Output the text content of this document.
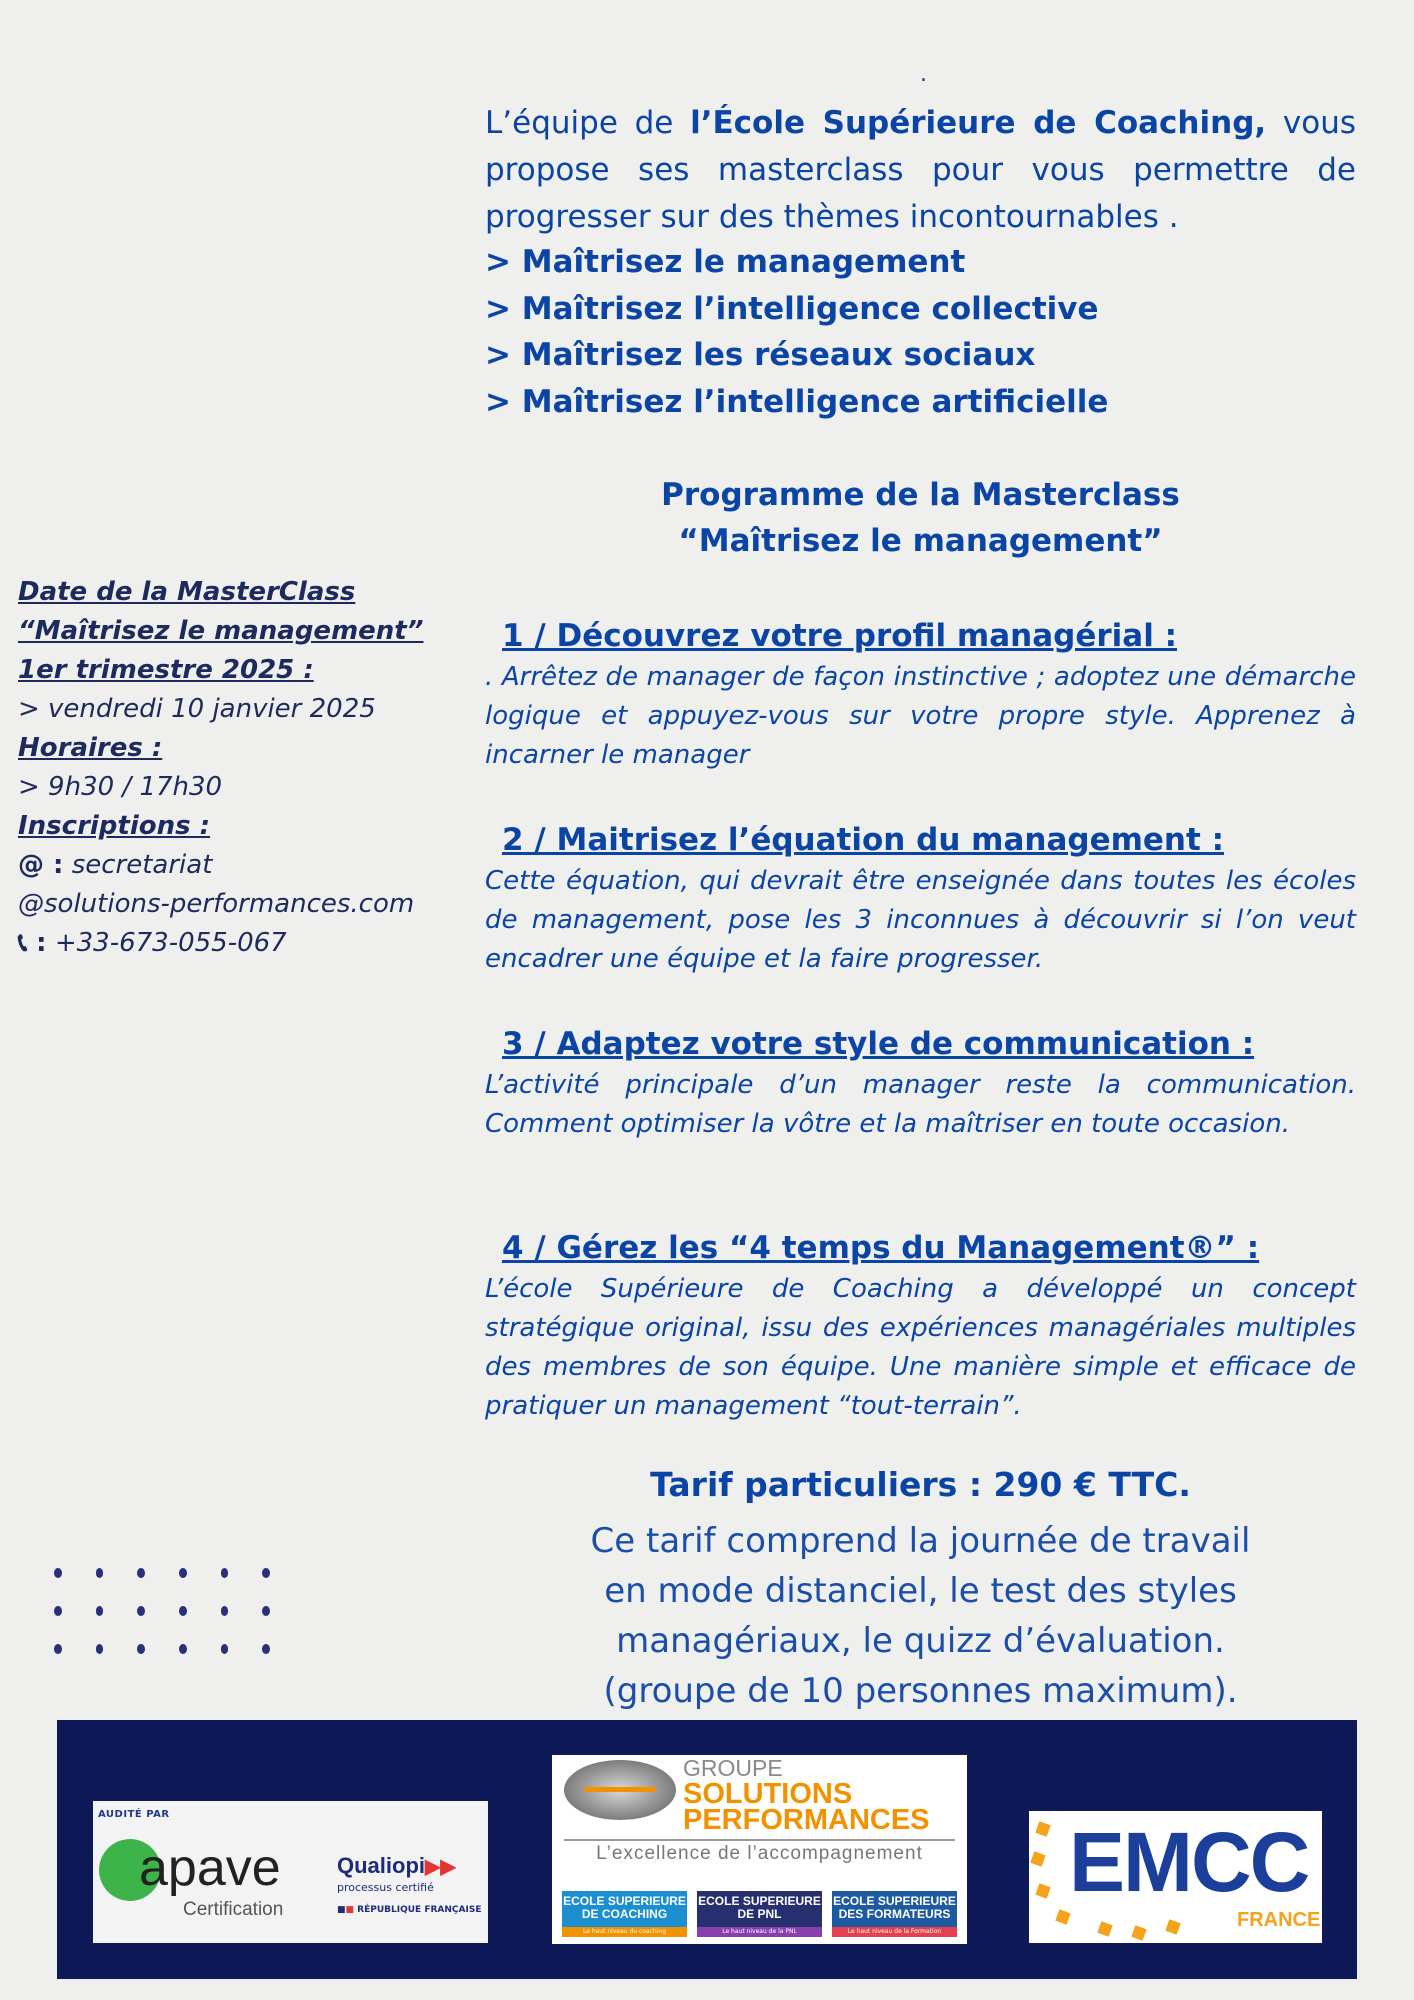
.
L’équipe de l’École Supérieure de Coaching, vous propose ses masterclass pour vous permettre de progresser sur des thèmes incontournables .
> Maîtrisez le management
> Maîtrisez l’intelligence collective
> Maîtrisez les réseaux sociaux
> Maîtrisez l’intelligence artificielle
Programme de la Masterclass
“Maîtrisez le management”
Date de la MasterClass
“Maîtrisez le management”
1er trimestre 2025 :
> vendredi 10 janvier 2025
Horaires :
> 9h30 / 17h30
Inscriptions :
@ : secretariat
@solutions-performances.com
📞︎ : +33-673-055-067
1 / Découvrez votre profil managérial :

. Arrêtez de manager de façon instinctive ; adoptez une démarche logique et appuyez-vous sur votre propre style. Apprenez à incarner le manager

2 / Maitrisez l’équation du management :

Cette équation, qui devrait être enseignée dans toutes les écoles de management, pose les 3 inconnues à découvrir si l’on veut encadrer une équipe et la faire progresser.

3 / Adaptez votre style de communication :

L’activité principale d’un manager reste la communication. Comment optimiser la vôtre et la maîtriser en toute occasion.

4 / Gérez les “4 temps du Management®” :

L’école Supérieure de Coaching a développé un concept stratégique original, issu des expériences managériales multiples des membres de son équipe. Une manière simple et efficace de pratiquer un management “tout-terrain”.

Tarif particuliers : 290 € TTC.
Ce tarif comprend la journée de travail
en mode distanciel, le test des styles
managériaux, le quizz d’évaluation.
(groupe de 10 personnes maximum).
AUDITÉ PAR
apave
Certification
Qualiopi▶▶
processus certifié
■■ RÉPUBLIQUE FRANÇAISE
GROUPE
SOLUTIONS
PERFORMANCES
L’excellence de l’accompagnement
ECOLE SUPERIEURE
DE COACHING
Le haut niveau du coaching
ECOLE SUPERIEURE
DE PNL
Le haut niveau de la PNL
ECOLE SUPERIEURE
DES FORMATEURS
Le haut niveau de la Formation
EMCC
FRANCE
